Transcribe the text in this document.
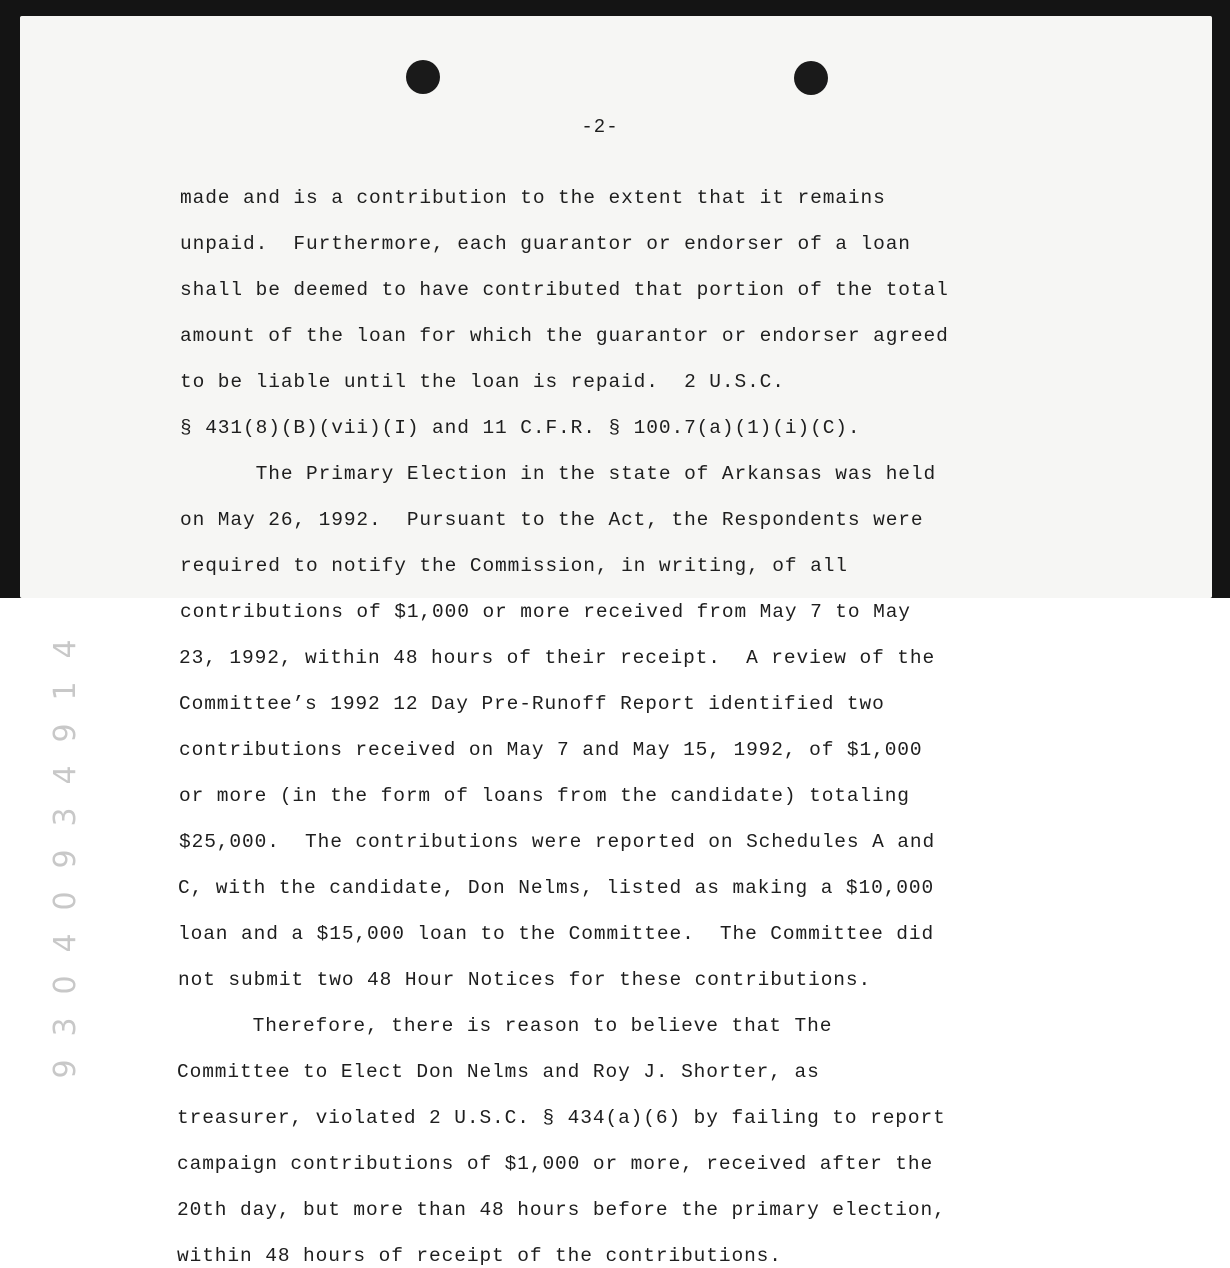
-2-
4
1
9
4
3
9
0
4
0
3
9
made and is a contribution to the extent that it remains
unpaid.  Furthermore, each guarantor or endorser of a loan
shall be deemed to have contributed that portion of the total
amount of the loan for which the guarantor or endorser agreed
to be liable until the loan is repaid.  2 U.S.C.
§ 431(8)(B)(vii)(I) and 11 C.F.R. § 100.7(a)(1)(i)(C).
The Primary Election in the state of Arkansas was held
on May 26, 1992.  Pursuant to the Act, the Respondents were
required to notify the Commission, in writing, of all
contributions of $1,000 or more received from May 7 to May
23, 1992, within 48 hours of their receipt.  A review of the
Committee’s 1992 12 Day Pre-Runoff Report identified two
contributions received on May 7 and May 15, 1992, of $1,000
or more (in the form of loans from the candidate) totaling
$25,000.  The contributions were reported on Schedules A and
C, with the candidate, Don Nelms, listed as making a $10,000
loan and a $15,000 loan to the Committee.  The Committee did
not submit two 48 Hour Notices for these contributions.
Therefore, there is reason to believe that The
Committee to Elect Don Nelms and Roy J. Shorter, as
treasurer, violated 2 U.S.C. § 434(a)(6) by failing to report
campaign contributions of $1,000 or more, received after the
20th day, but more than 48 hours before the primary election,
within 48 hours of receipt of the contributions.
